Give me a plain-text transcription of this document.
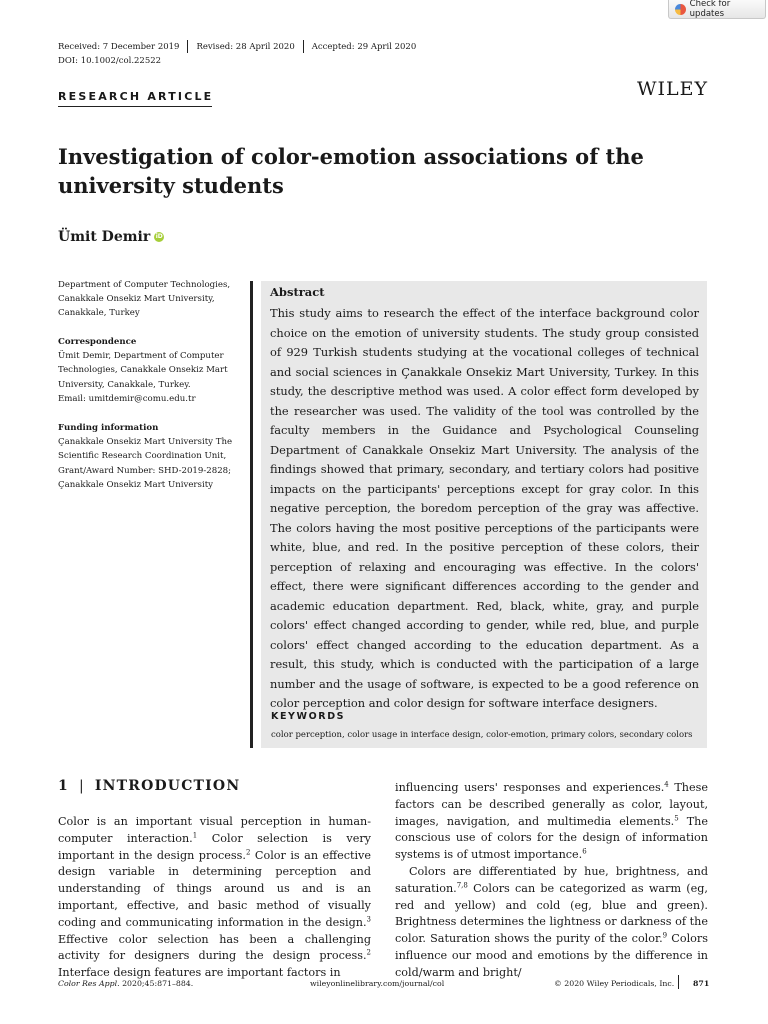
Check for updates
Received: 7 December 2019 Revised: 28 April 2020 Accepted: 29 April 2020
DOI: 10.1002/col.22522
RESEARCH ARTICLE	WILEY
Investigation of color-emotion associations of the university students
Ümit Demir iD
Department of Computer Technologies, Canakkale Onsekiz Mart University, Canakkale, Turkey
Correspondence
Ümit Demir, Department of Computer Technologies, Canakkale Onsekiz Mart University, Canakkale, Turkey.
Email: umitdemir@comu.edu.tr
Funding information
Çanakkale Onsekiz Mart University The Scientific Research Coordination Unit, Grant/Award Number: SHD-2019-2828; Çanakkale Onsekiz Mart University
Abstract
This study aims to research the effect of the interface background color choice on the emotion of university students. The study group consisted of 929 Turkish students studying at the vocational colleges of technical and social sciences in Çanakkale Onsekiz Mart University, Turkey. In this study, the descriptive method was used. A color effect form developed by the researcher was used. The validity of the tool was controlled by the faculty members in the Guidance and Psychological Counseling Department of Canakkale Onsekiz Mart University. The analysis of the findings showed that primary, secondary, and tertiary colors had positive impacts on the participants' perceptions except for gray color. In this negative perception, the boredom perception of the gray was affective. The colors having the most positive perceptions of the participants were white, blue, and red. In the positive perception of these colors, their perception of relaxing and encouraging was effective. In the colors' effect, there were significant differences according to the gender and academic education department. Red, black, white, gray, and purple colors' effect changed according to gender, while red, blue, and purple colors' effect changed according to the education department. As a result, this study, which is conducted with the participation of a large number and the usage of software, is expected to be a good reference on color perception and color design for software interface designers.
KEYWORDS
color perception, color usage in interface design, color-emotion, primary colors, secondary colors
1 | INTRODUCTION

Color is an important visual perception in human-computer interaction.$^1$ Color selection is very important in the design process.$^2$ Color is an effective design variable in determining perception and understanding of things around us and is an important, effective, and basic method of visually coding and communicating information in the design.$^3$ Effective color selection has been a challenging activity for designers during the design process.$^2$ Interface design features are important factors in

influencing users' responses and experiences.$^4$ These factors can be described generally as color, layout, images, navigation, and multimedia elements.$^5$ The conscious use of colors for the design of information systems is of utmost importance.$^6$

Colors are differentiated by hue, brightness, and saturation.$^{7,8}$ Colors can be categorized as warm (eg, red and yellow) and cold (eg, blue and green). Brightness determines the lightness or darkness of the color. Saturation shows the purity of the color.$^9$ Colors influence our mood and emotions by the difference in cold/warm and bright/

Color Res Appl. 2020;45:871–884.	wileyonlinelibrary.com/journal/col	© 2020 Wiley Periodicals, Inc. 871
